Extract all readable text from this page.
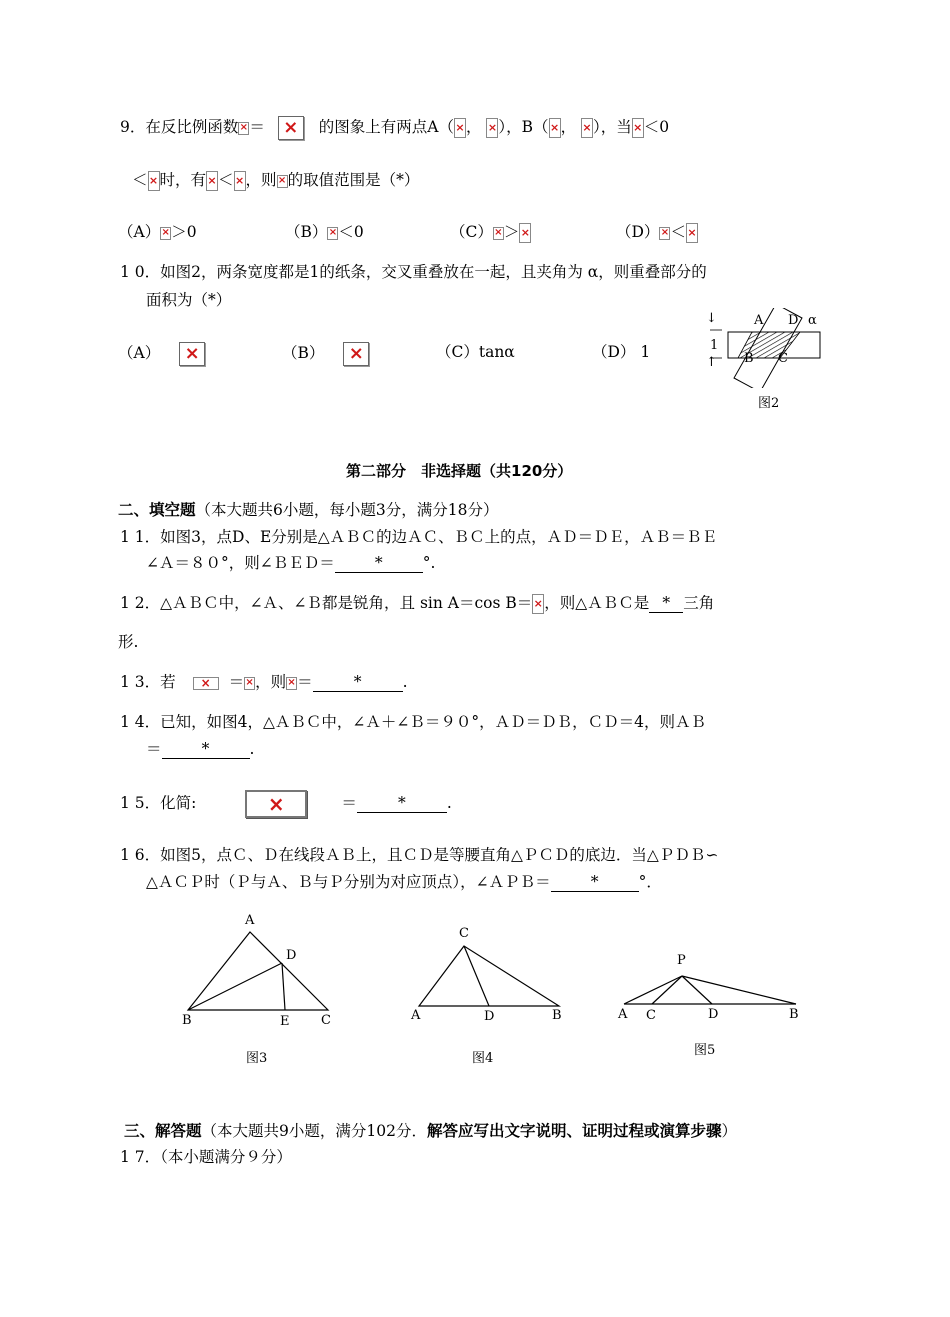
9．在反比例函数 × ＝ ×	的图象上有两点A（ × ， × ），B（ × ， × ），当 × ＜0
＜ × 时，有 × ＜ × ，则 × 的取值范围是（*）
（A） × ＞0	（B） × ＜0	（C） × ＞ ×	（D） × ＜×
1 0．如图2，两条宽度都是1的纸条，交叉重叠放在一起，且夹角为 α，则重叠部分的
面积为（*）
（A） ×	（B） ×	（C）tanα	（D） 1
↓
↑
1
A D α
B C
图2
第二部分　非选择题（共120分）
二、填空题（本大题共6小题，每小题3分，满分18分）
1 1．如图3，点D、E分别是△ＡＢＣ的边ＡＣ、ＢＣ上的点，ＡＤ＝ＤＥ，ＡＢ＝ＢＥ
∠Ａ＝８０°，则∠ＢＥＤ＝	*	°.
1 2．△ＡＢＣ中，∠Ａ、∠Ｂ都是锐角，且 sin A＝cos B＝ × ，则△ＡＢＣ是 * 三角
形.
1 3．若 ×	＝ × ，则 × ＝	*	.
1 4．已知，如图4，△ＡＢＣ中，∠Ａ＋∠Ｂ＝９０°，ＡＤ＝ＤＢ，ＣＤ＝4，则ＡＢ
＝	*	.
1 5．化简: ×	＝	*	.
1 6．如图5，点Ｃ、Ｄ在线段ＡＢ上，且ＣＤ是等腰直角△ＰＣＤ的底边．当△ＰＤＢ∽
△ＡＣＰ时（Ｐ与Ａ、Ｂ与Ｐ分别为对应顶点），∠ＡＰＢ＝	*	°．
A
D
B	E C
图3
C
A	D	B
图4
P
A C	D	B
图5
三、解答题（本大题共9小题，满分102分．解答应写出文字说明、证明过程或演算步骤）
1 7．（本小题满分９分）
